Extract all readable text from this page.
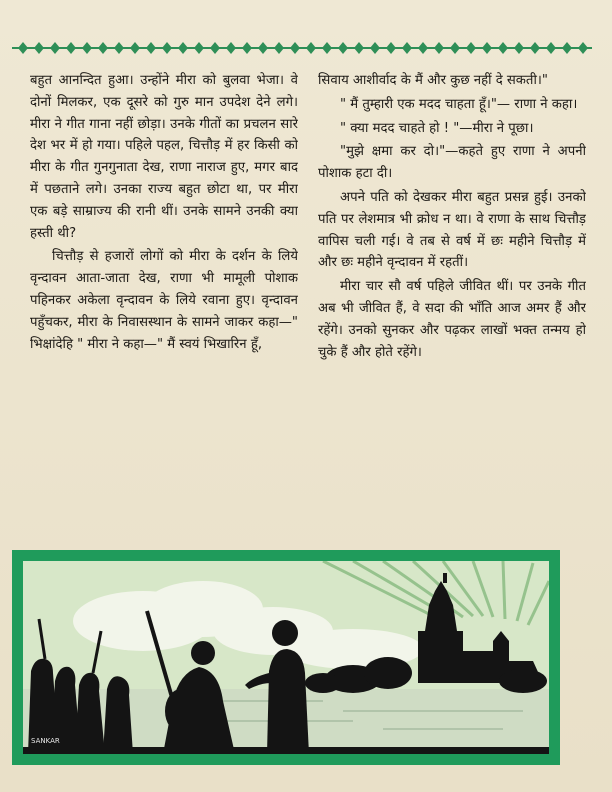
बहुत आनन्दित हुआ। उन्होंने मीरा को बुलवा भेजा। वे दोनों मिलकर, एक दूसरे को गुरु मान उपदेश देने लगे। मीरा ने गीत गाना नहीं छोड़ा। उनके गीतों का प्रचलन सारे देश भर में हो गया। पहिले पहल, चित्तौड़ में हर किसी को मीरा के गीत गुनगुनाता देख, राणा नाराज हुए, मगर बाद में पछताने लगे। उनका राज्य बहुत छोटा था, पर मीरा एक बड़े साम्राज्य की रानी थीं। उनके सामने उनकी क्या हस्ती थी?

चित्तौड़ से हजारों लोगों को मीरा के दर्शन के लिये वृन्दावन आता-जाता देख, राणा भी मामूली पोशाक पहिनकर अकेला वृन्दावन के लिये रवाना हुए। वृन्दावन पहुँचकर, मीरा के निवासस्थान के सामने जाकर कहा—" भिक्षांदेहि " मीरा ने कहा—" मैं स्वयं भिखारिन हूँ,

सिवाय आशीर्वाद के मैं और कुछ नहीं दे सकती।"

" मैं तुम्हारी एक मदद चाहता हूँ।"— राणा ने कहा।

" क्या मदद चाहते हो ! "—मीरा ने पूछा।

"मुझे क्षमा कर दो।"—कहते हुए राणा ने अपनी पोशाक हटा दी।

अपने पति को देखकर मीरा बहुत प्रसन्न हुई। उनको पति पर लेशमात्र भी क्रोध न था। वे राणा के साथ चित्तौड़ वापिस चली गई। वे तब से वर्ष में छः महीने चित्तौड़ में और छः महीने वृन्दावन में रहतीं।

मीरा चार सौ वर्ष पहिले जीवित थीं। पर उनके गीत अब भी जीवित हैं, वे सदा की भाँति आज अमर हैं और रहेंगे। उनको सुनकर और पढ़कर लाखों भक्त तन्मय हो चुके हैं और होते रहेंगे।

SANKAR
